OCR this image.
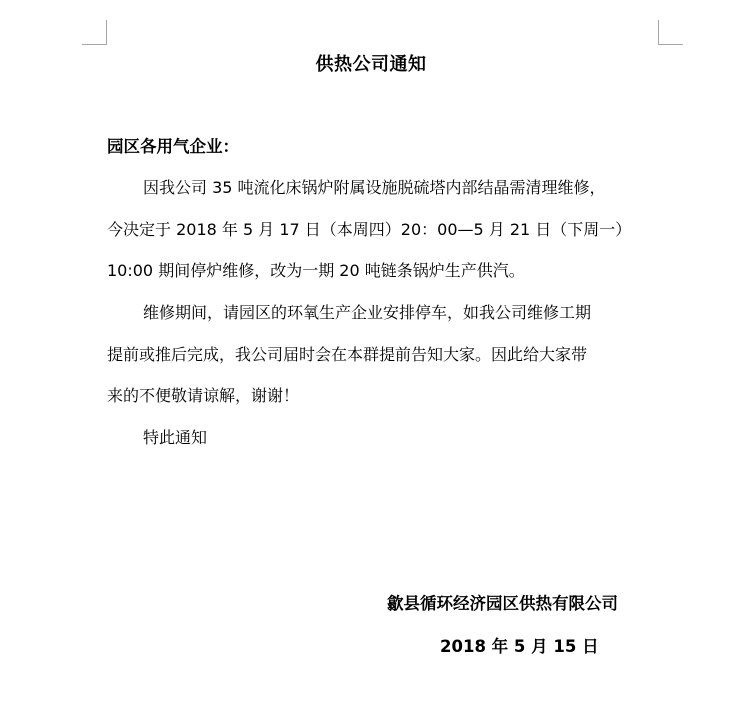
供热公司通知
园区各用气企业：
因我公司 35 吨流化床锅炉附属设施脱硫塔内部结晶需清理维修，
今决定于 2018 年 5 月 17 日（本周四）20：00—5 月 21 日（下周一）
10:00 期间停炉维修，改为一期 20 吨链条锅炉生产供汽。
维修期间，请园区的环氧生产企业安排停车，如我公司维修工期
提前或推后完成，我公司届时会在本群提前告知大家。因此给大家带
来的不便敬请谅解，谢谢！
特此通知
歙县循环经济园区供热有限公司
2018 年 5 月 15 日
